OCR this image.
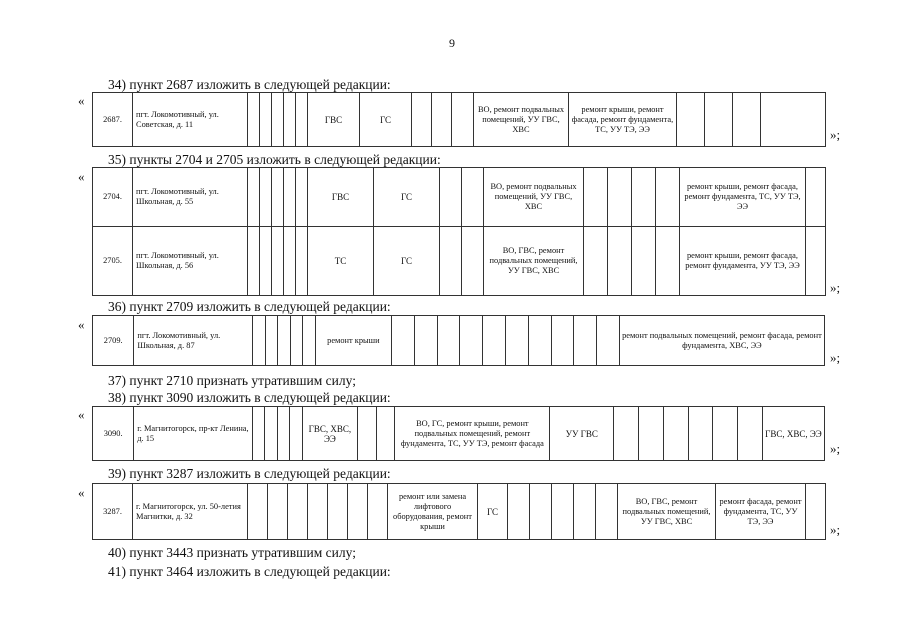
9
34) пункт 2687 изложить в следующей редакции:
«
2687.	пгт. Локомотивный, ул. Советская, д. 11						ГВС	ГС				ВО, ремонт подвальных помещений, УУ ГВС, ХВС	ремонт крыши, ремонт фасада, ремонт фундамента, ТС, УУ ТЭ, ЭЭ					»;
35) пункты 2704 и 2705 изложить в следующей редакции:
«
2704.	пгт. Локомотивный, ул. Школьная, д. 55						ГВС	ГС			ВО, ремонт подвальных помещений, УУ ГВС, ХВС					ремонт крыши, ремонт фасада, ремонт фундамента, ТС, УУ ТЭ, ЭЭ	
2705.	пгт. Локомотивный, ул. Школьная, д. 56						ТС	ГС			ВО, ГВС, ремонт подвальных помещений, УУ ГВС, ХВС					ремонт крыши, ремонт фасада, ремонт фундамента, УУ ТЭ, ЭЭ	
»;
36) пункт 2709 изложить в следующей редакции:
«
2709.	пгт. Локомотивный, ул. Школьная, д. 87						ремонт крыши											ремонт подвальных помещений, ремонт фасада, ремонт фундамента, ХВС, ЭЭ
»;
37) пункт 2710 признать утратившим силу;
38) пункт 3090 изложить в следующей редакции:
«
3090.	г. Магнитогорск, пр-кт Ленина, д. 15					ГВС, ХВС, ЭЭ			ВО, ГС, ремонт крыши, ремонт подвальных помещений, ремонт фундамента, ТС, УУ ТЭ, ремонт фасада	УУ ГВС							ГВС, ХВС, ЭЭ
»;
39) пункт 3287 изложить в следующей редакции:
«
3287.	г. Магнитогорск, ул. 50-летия Магнитки, д. 32								ремонт или замена лифтового оборудования, ремонт крыши	ГС						ВО, ГВС, ремонт подвальных помещений, УУ ГВС, ХВС	ремонт фасада, ремонт фундамента, ТС, УУ ТЭ, ЭЭ	
»;
40) пункт 3443 признать утратившим силу;
41) пункт 3464 изложить в следующей редакции:
